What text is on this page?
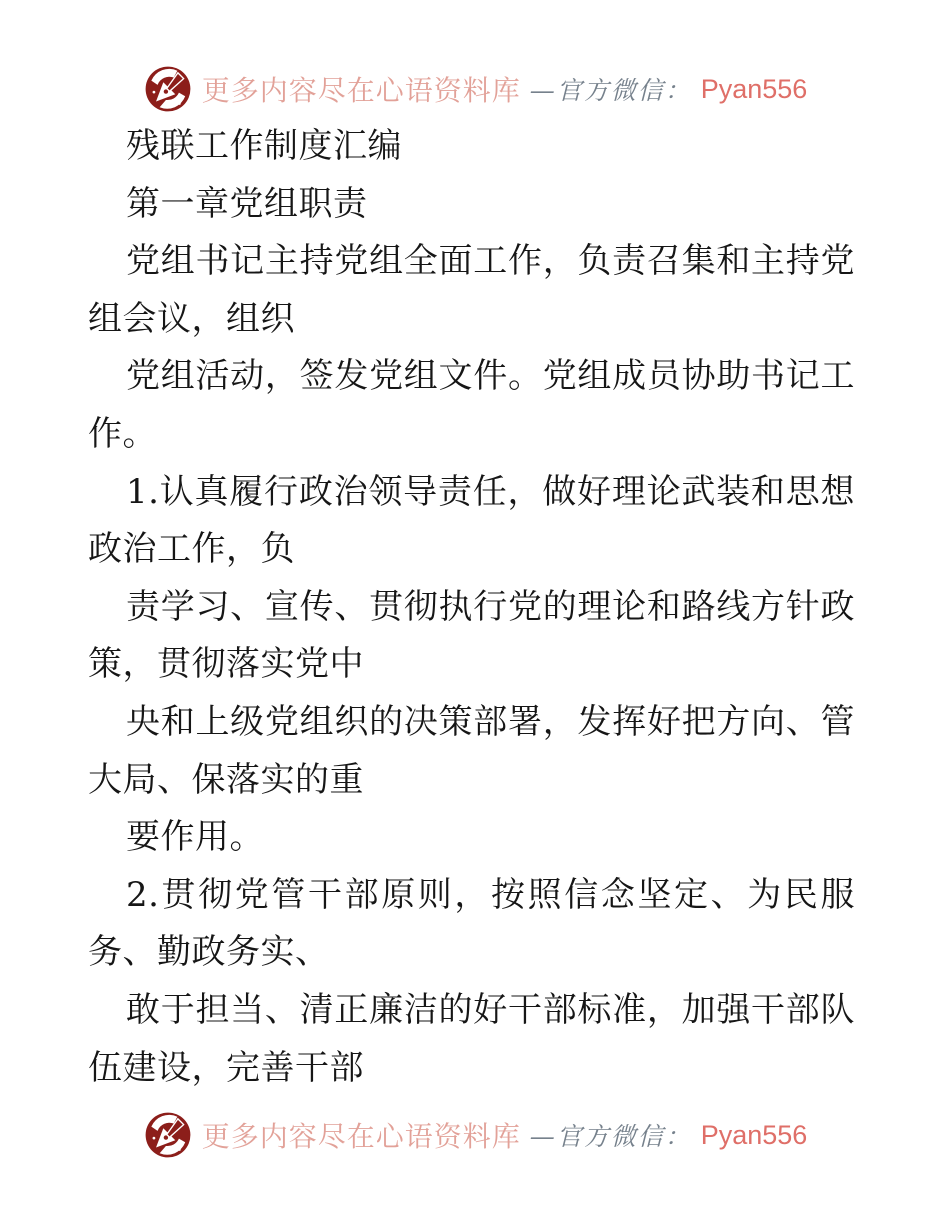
更多内容尽在心语资料库 —官方微信： Pyan556
残联工作制度汇编
第一章党组职责
党组书记主持党组全面工作，负责召集和主持党
组会议，组织
党组活动，签发党组文件。党组成员协助书记工
作。
1.认真履行政治领导责任，做好理论武装和思想
政治工作，负
责学习、宣传、贯彻执行党的理论和路线方针政
策，贯彻落实党中
央和上级党组织的决策部署，发挥好把方向、管
大局、保落实的重
要作用。
2.贯彻党管干部原则，按照信念坚定、为民服
务、勤政务实、
敢于担当、清正廉洁的好干部标准，加强干部队
伍建设，完善干部
更多内容尽在心语资料库 —官方微信： Pyan556
